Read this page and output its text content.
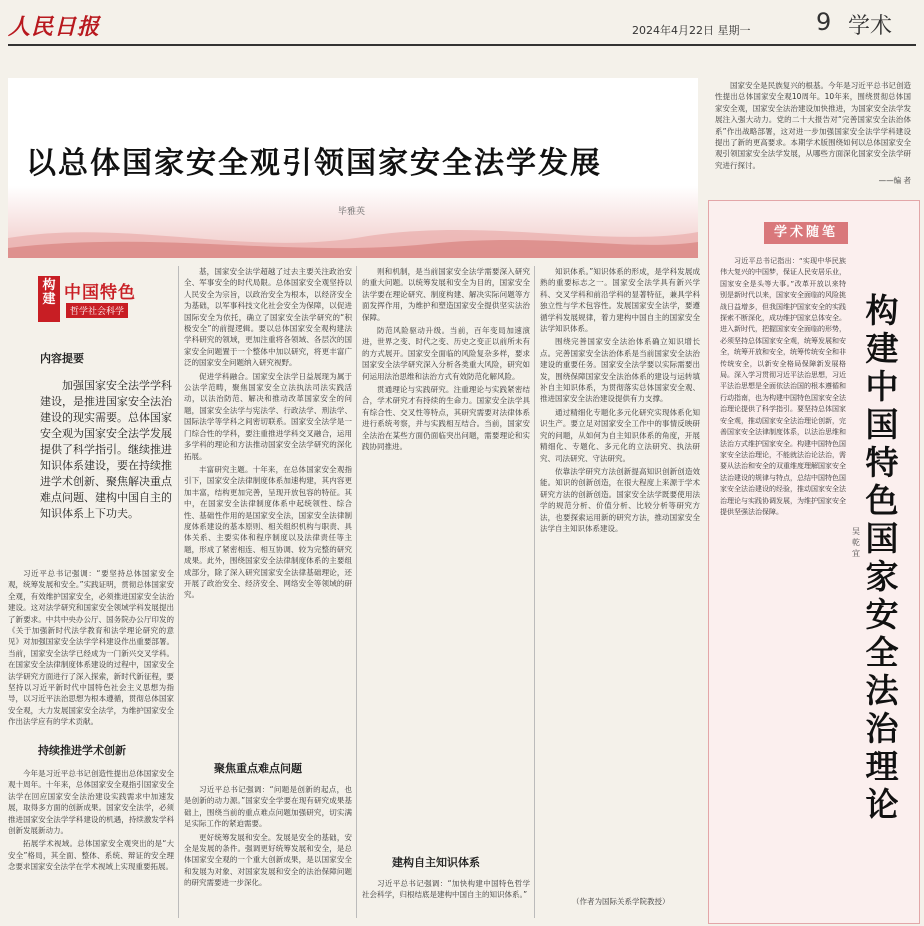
人民日报	2024年4月22日 星期一	9 学术
以总体国家安全观引领国家安全法学发展
毕雅英
构建 中国特色
哲学社会科学
内容提要
加强国家安全法学学科建设，是推进国家安全法治建设的现实需要。总体国家安全观为国家安全法学发展提供了科学指引。继续推进知识体系建设，要在持续推进学术创新、聚焦解决重点难点问题、建构中国自主的知识体系上下功夫。

习近平总书记强调：“要坚持总体国家安全观，统筹发展和安全。”实践证明，贯彻总体国家安全观，有效维护国家安全，必须推进国家安全法治建设。这对法学研究和国家安全领域学科发展提出了新要求。中共中央办公厅、国务院办公厅印发的《关于加强新时代法学教育和法学理论研究的意见》对加强国家安全法学学科建设作出重要部署。当前，国家安全法学已经成为一门新兴交叉学科。在国家安全法律制度体系建设的过程中，国家安全法学研究方面进行了深入探索，新时代新征程，要坚持以习近平新时代中国特色社会主义思想为指导，以习近平法治思想为根本遵循，贯彻总体国家安全观，大力发展国家安全法学，为维护国家安全作出法学应有的学术贡献。

持续推进学术创新

今年是习近平总书记创造性提出总体国家安全观十周年。十年来，总体国家安全观指引国家安全法学在回应国家安全法治建设实践需求中加速发展，取得多方面的创新成果。国家安全法学，必须推进国家安全法学学科建设的机遇，持续激发学科创新发展新动力。

拓展学术视域。总体国家安全观突出的是“大安全”格局，其全面、整体、系统、辩证的安全理念要求国家安全法学在学术视域上实现重要拓展。

基，国家安全法学超越了过去主要关注政治安全、军事安全的时代局限。总体国家安全观坚持以人民安全为宗旨，以政治安全为根本，以经济安全为基础，以军事科技文化社会安全为保障，以促进国际安全为依托，确立了国家安全法学研究的“积极安全”的前提逻辑。要以总体国家安全观构建法学科研究的领域，更加注重将各领域、各层次的国家安全问题置于一个整体中加以研究，将更丰富广泛的国家安全问题纳入研究视野。

促进学科融合。国家安全法学日益展现为属于公法学范畴，聚焦国家安全立法执法司法实践活动，以法治防范、解决和推动改革国家安全的问题，国家安全法学与宪法学、行政法学、刑法学、国际法学等学科之间密切联系。国家安全法学是一门综合性的学科，要注重推进学科交叉融合，运用多学科的理论和方法推动国家安全法学研究的深化拓展。

丰富研究主题。十年来，在总体国家安全观指引下，国家安全法律制度体系加速构建，其内容更加丰富，结构更加完善，呈现开放包容的特征。其中，在国家安全法律制度体系中起统领性、综合性、基础性作用的是国家安全法，国家安全法律制度体系建设的基本原则、相关组织机构与职责、具体关系、主要实体和程序制度以及法律责任等主题，形成了紧密相连、相互协调、较为完整的研究成果。此外，围绕国家安全法律制度体系的主要组成部分，除了深入研究国家安全法律基础理论，还开展了政治安全、经济安全、网络安全等领域的研究。

聚焦重点难点问题

习近平总书记强调：“问题是创新的起点，也是创新的动力源。”国家安全学要在现有研究成果基础上，围绕当前的重点难点问题加强研究，切实满足实际工作的紧迫需要。

更好统筹发展和安全。发展是安全的基础，安全是发展的条件。强调更好统筹发展和安全，是总体国家安全观的一个重大创新成果，是以国家安全和发展为对象、对国家发展和安全的法治保障问题的研究需要进一步深化。

则和机制，是当前国家安全法学需要深入研究的重大问题。以统筹发展和安全为目的，国家安全法学要在理论研究、制度构建、解决实际问题等方面发挥作用，为维护和塑造国家安全提供坚实法治保障。

防范风险驱动升级。当前，百年变局加速演进，世界之变、时代之变、历史之变正以前所未有的方式展开。国家安全面临的风险复杂多样，要求国家安全法学研究深入分析各类重大风险，研究如何运用法治思维和法治方式有效防范化解风险。

贯通理论与实践研究。注重理论与实践紧密结合，学术研究才有持续的生命力。国家安全法学具有综合性、交叉性等特点，其研究需要对法律体系进行系统考察，并与实践相互结合。当前，国家安全法治在某些方面仍面临突出问题，需要理论和实践协同推进。

建构自主知识体系

习近平总书记强调：“加快构建中国特色哲学社会科学，归根结底是建构中国自主的知识体系。”

知识体系。”知识体系的形成，是学科发展成熟的重要标志之一。国家安全法学具有新兴学科、交叉学科和前沿学科的显著特征，兼具学科独立性与学术包容性。发展国家安全法学，要遵循学科发展规律，着力建构中国自主的国家安全法学知识体系。

围绕完善国家安全法治体系确立知识增长点。完善国家安全法治体系是当前国家安全法治建设的重要任务。国家安全法学要以实际需要出发，围绕保障国家安全法治体系的建设与运转填补自主知识体系，为贯彻落实总体国家安全观、推进国家安全法治建设提供有力支撑。

通过精细化专题化多元化研究实现体系化知识生产。要立足对国家安全工作中的事情反映研究的问题，从如何为自主知识体系的角度，开展精细化、专题化、多元化的立法研究、执法研究、司法研究、守法研究。

依靠法学研究方法创新提高知识创新创造效能。知识的创新创造，在很大程度上来源于学术研究方法的创新创造。国家安全法学既要使用法学的规范分析、价值分析、比较分析等研究方法，也要探索运用新的研究方法，推动国家安全法学自主知识体系建设。

（作者为国际关系学院教授）
国家安全是民族复兴的根基。今年是习近平总书记创造性提出总体国家安全观10周年。10年来，围绕贯彻总体国家安全观，国家安全法治建设加快推进，为国家安全法学发展注入强大动力。党的二十大报告对“完善国家安全法治体系”作出战略部署，这对进一步加强国家安全法学学科建设提出了新的更高要求。本期学术版围绕如何以总体国家安全观引领国家安全法学发展，从哪些方面深化国家安全法学研究进行探讨。
——编 者
学术随笔
习近平总书记指出：“实现中华民族伟大复兴的中国梦，保证人民安居乐业，国家安全是头等大事。”改革开放以来特别是新时代以来，国家安全面临的风险挑战日益增多，但我国维护国家安全的实践探索不断深化，成功维护国家总体安全。进入新时代，把握国家安全面临的形势，必须坚持总体国家安全观，统筹发展和安全，统筹开放和安全，统筹传统安全和非传统安全，以新安全格局保障新发展格局。深入学习贯彻习近平法治思想，习近平法治思想是全面依法治国的根本遵循和行动指南，也为构建中国特色国家安全法治理论提供了科学指引。要坚持总体国家安全观，推动国家安全法治理论创新，完善国家安全法律制度体系，以法治思维和法治方式维护国家安全。构建中国特色国家安全法治理论，不能就法治论法治，需要从法治和安全的双重维度理解国家安全法治建设的规律与特点，总结中国特色国家安全法治建设的经验，推动国家安全法治理论与实践协调发展，为维护国家安全提供坚强法治保障。
吴乾宜
构建中国特色国家安全法治理论
